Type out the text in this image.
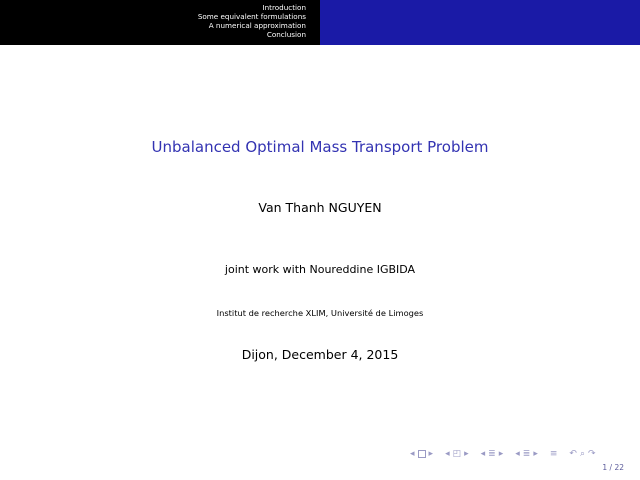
Introduction
Some equivalent formulations
A numerical approximation
Conclusion
Unbalanced Optimal Mass Transport Problem
Van Thanh NGUYEN
joint work with Noureddine IGBIDA
Institut de recherche XLIM, Université de Limoges
Dijon, December 4, 2015
◂ ▸ ◂ ◰ ▸ ◂ ≣ ▸ ◂ ≣ ▸ ≡ ↶ ⌕ ↷
1 / 22
